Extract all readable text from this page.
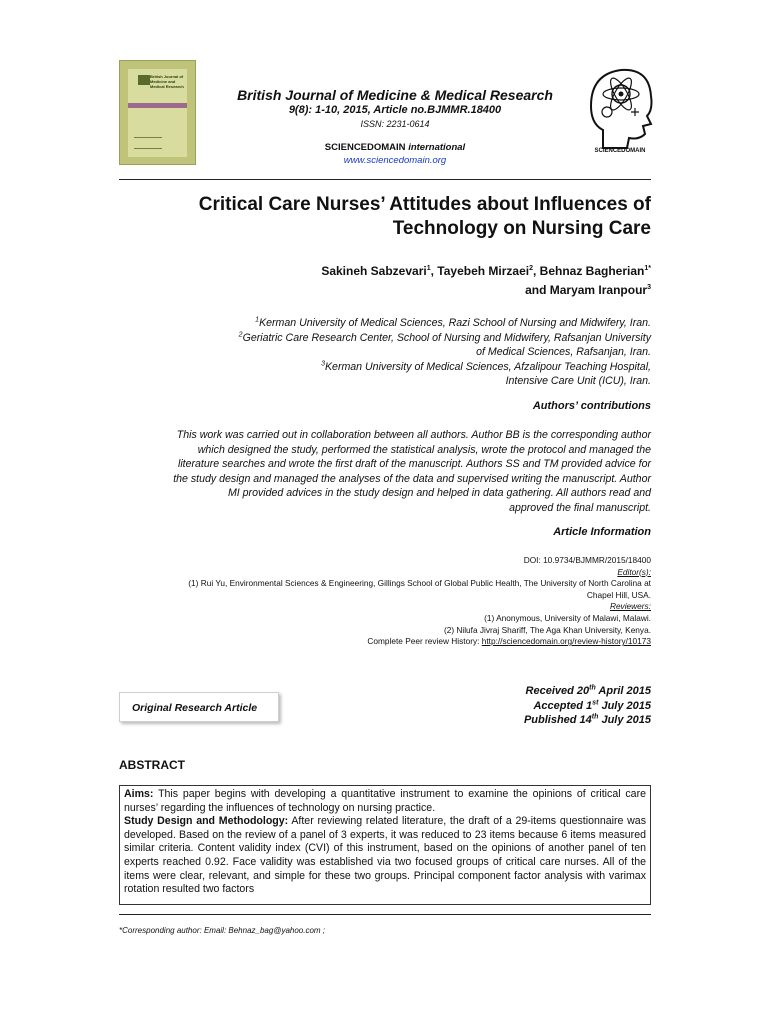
British Journal of Medicine and Medical Research
British Journal of Medicine & Medical Research
9(8): 1-10, 2015, Article no.BJMMR.18400
ISSN: 2231-0614
SCIENCEDOMAIN international
www.sciencedomain.org
SCIENCEDOMAIN
Critical Care Nurses’ Attitudes about Influences of
Technology on Nursing Care
Sakineh Sabzevari$^1$, Tayebeh Mirzaei$^2$, Behnaz Bagherian$^{1*}$
and Maryam Iranpour$^3$
$^1$Kerman University of Medical Sciences, Razi School of Nursing and Midwifery, Iran.
$^2$Geriatric Care Research Center, School of Nursing and Midwifery, Rafsanjan University
of Medical Sciences, Rafsanjan, Iran.
$^3$Kerman University of Medical Sciences, Afzalipour Teaching Hospital,
Intensive Care Unit (ICU), Iran.
Authors’ contributions
This work was carried out in collaboration between all authors. Author BB is the corresponding author
which designed the study, performed the statistical analysis, wrote the protocol and managed the
literature searches and wrote the first draft of the manuscript. Authors SS and TM provided advice for
the study design and managed the analyses of the data and supervised writing the manuscript. Author
MI provided advices in the study design and helped in data gathering. All authors read and
approved the final manuscript.
Article Information
DOI: 10.9734/BJMMR/2015/18400
Editor(s):
(1) Rui Yu, Environmental Sciences & Engineering, Gillings School of Global Public Health, The University of North Carolina at
Chapel Hill, USA.
Reviewers:
(1) Anonymous, University of Malawi, Malawi.
(2) Nilufa Jivraj Shariff, The Aga Khan University, Kenya.
Complete Peer review History: http://sciencedomain.org/review-history/10173
Original Research Article
Received 20th April 2015
Accepted 1st July 2015
Published 14th July 2015
ABSTRACT
Aims: This paper begins with developing a quantitative instrument to examine the opinions of critical care nurses’ regarding the influences of technology on nursing practice.
Study Design and Methodology: After reviewing related literature, the draft of a 29-items questionnaire was developed. Based on the review of a panel of 3 experts, it was reduced to 23 items because 6 items measured similar criteria. Content validity index (CVI) of this instrument, based on the opinions of another panel of ten experts reached 0.92. Face validity was established via two focused groups of critical care nurses. All of the items were clear, relevant, and simple for these two groups. Principal component factor analysis with varimax rotation resulted two factors
*Corresponding author: Email: Behnaz_bag@yahoo.com ;
